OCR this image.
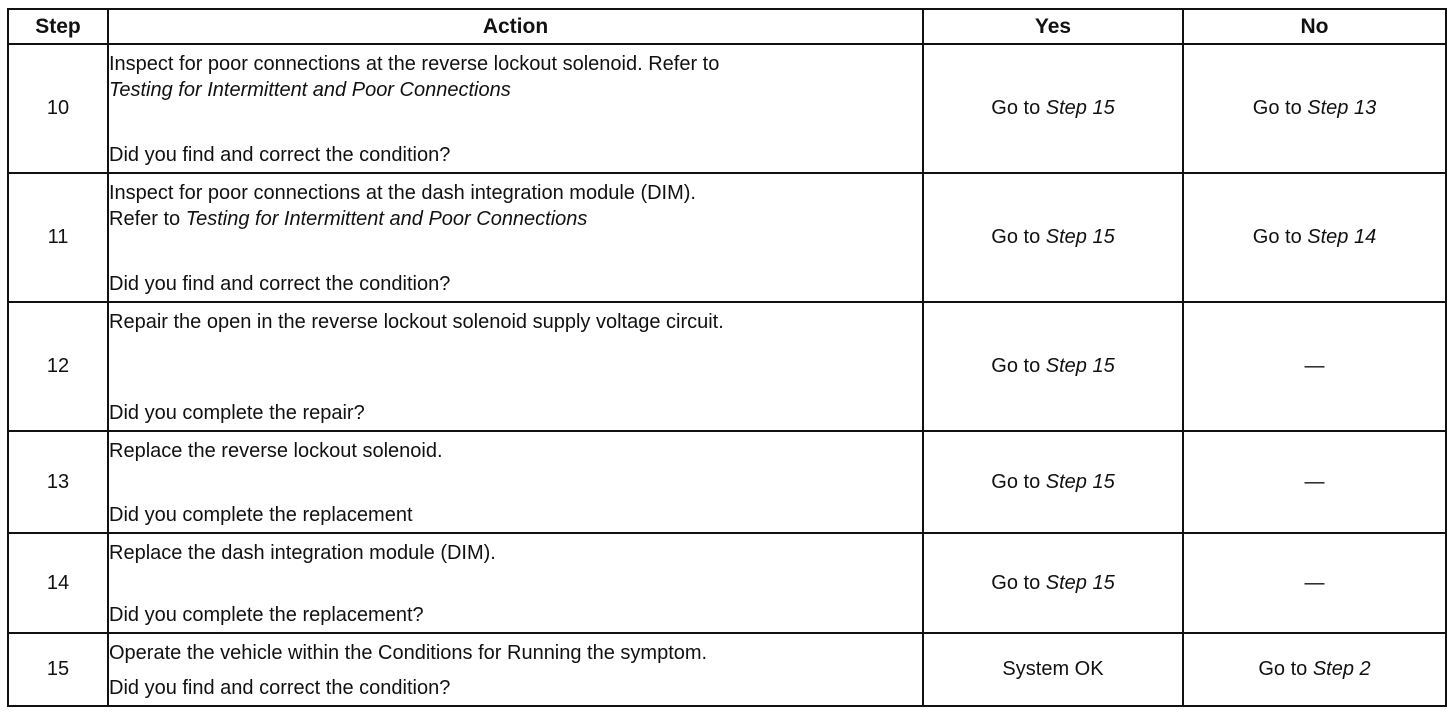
Step	Action	Yes	No
10	Inspect for poor connections at the reverse lockout solenoid. Refer to
Testing for Intermittent and Poor Connections
Did you find and correct the condition?	Go to Step 15	Go to Step 13
11	Inspect for poor connections at the dash integration module (DIM).
Refer to Testing for Intermittent and Poor Connections
Did you find and correct the condition?	Go to Step 15	Go to Step 14
12	Repair the open in the reverse lockout solenoid supply voltage circuit.
Did you complete the repair?	Go to Step 15	—
13	Replace the reverse lockout solenoid.
Did you complete the replacement	Go to Step 15	—
14	Replace the dash integration module (DIM).
Did you complete the replacement?	Go to Step 15	—
15	Operate the vehicle within the Conditions for Running the symptom.
Did you find and correct the condition?	System OK	Go to Step 2
